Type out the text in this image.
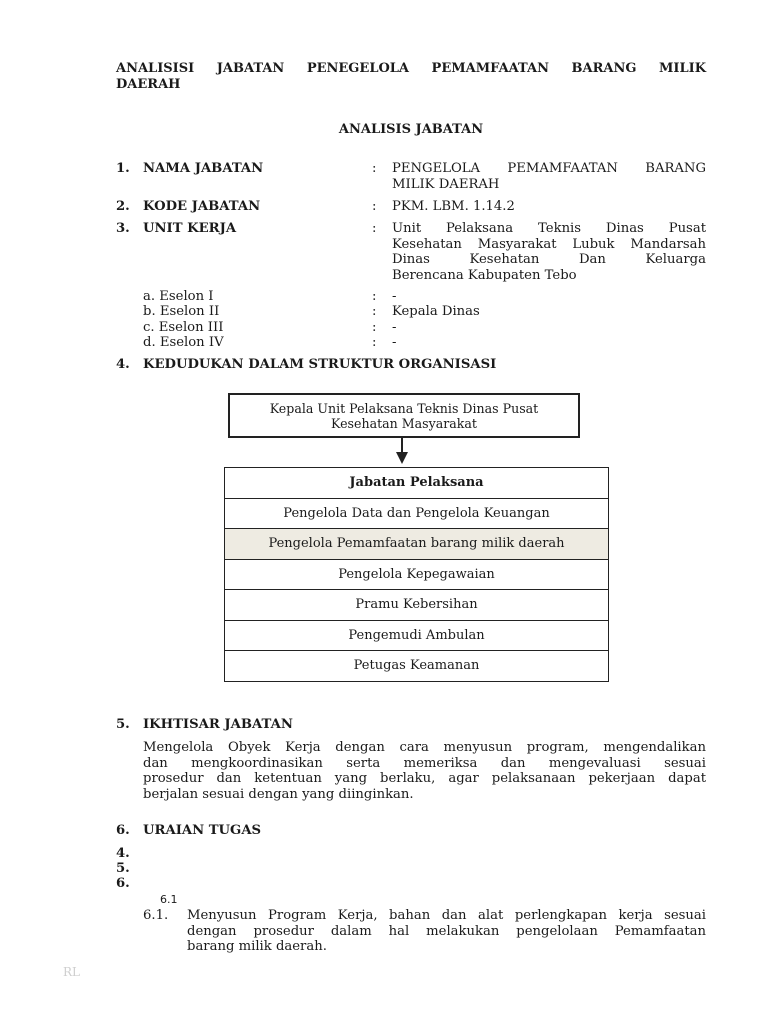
ANALISISI JABATAN PENEGELOLA PEMAMFAATAN BARANG MILIK
DAERAH
ANALISIS JABATAN
1.	NAMA JABATAN	: PENGELOLA PEMAMFAATAN BARANG
MILIK DAERAH
2.	KODE JABATAN	: PKM. LBM. 1.14.2
3.	UNIT KERJA	: Unit Pelaksana Teknis Dinas Pusat
Kesehatan Masyarakat Lubuk Mandarsah
Dinas Kesehatan Dan Keluarga
Berencana Kabupaten Tebo
a. Eselon I	: -
b. Eselon II	: Kepala Dinas
c. Eselon III	: -
d. Eselon IV	: -
4.	KEDUDUKAN DALAM STRUKTUR ORGANISASI
Kepala Unit Pelaksana Teknis Dinas Pusat
Kesehatan Masyarakat
Jabatan Pelaksana
Pengelola Data dan Pengelola Keuangan
Pengelola Pemamfaatan barang milik daerah
Pengelola Kepegawaian
Pramu Kebersihan
Pengemudi Ambulan
Petugas Keamanan
5.	IKHTISAR JABATAN
Mengelola Obyek Kerja dengan cara menyusun program, mengendalikan
dan mengkoordinasikan serta memeriksa dan mengevaluasi sesuai
prosedur dan ketentuan yang berlaku, agar pelaksanaan pekerjaan dapat
berjalan sesuai dengan yang diinginkan.
6.	URAIAN TUGAS
4.
5.
6.
6.1
6.1. Menyusun Program Kerja, bahan dan alat perlengkapan kerja sesuai
dengan prosedur dalam hal melakukan pengelolaan Pemamfaatan
barang milik daerah.
RL
